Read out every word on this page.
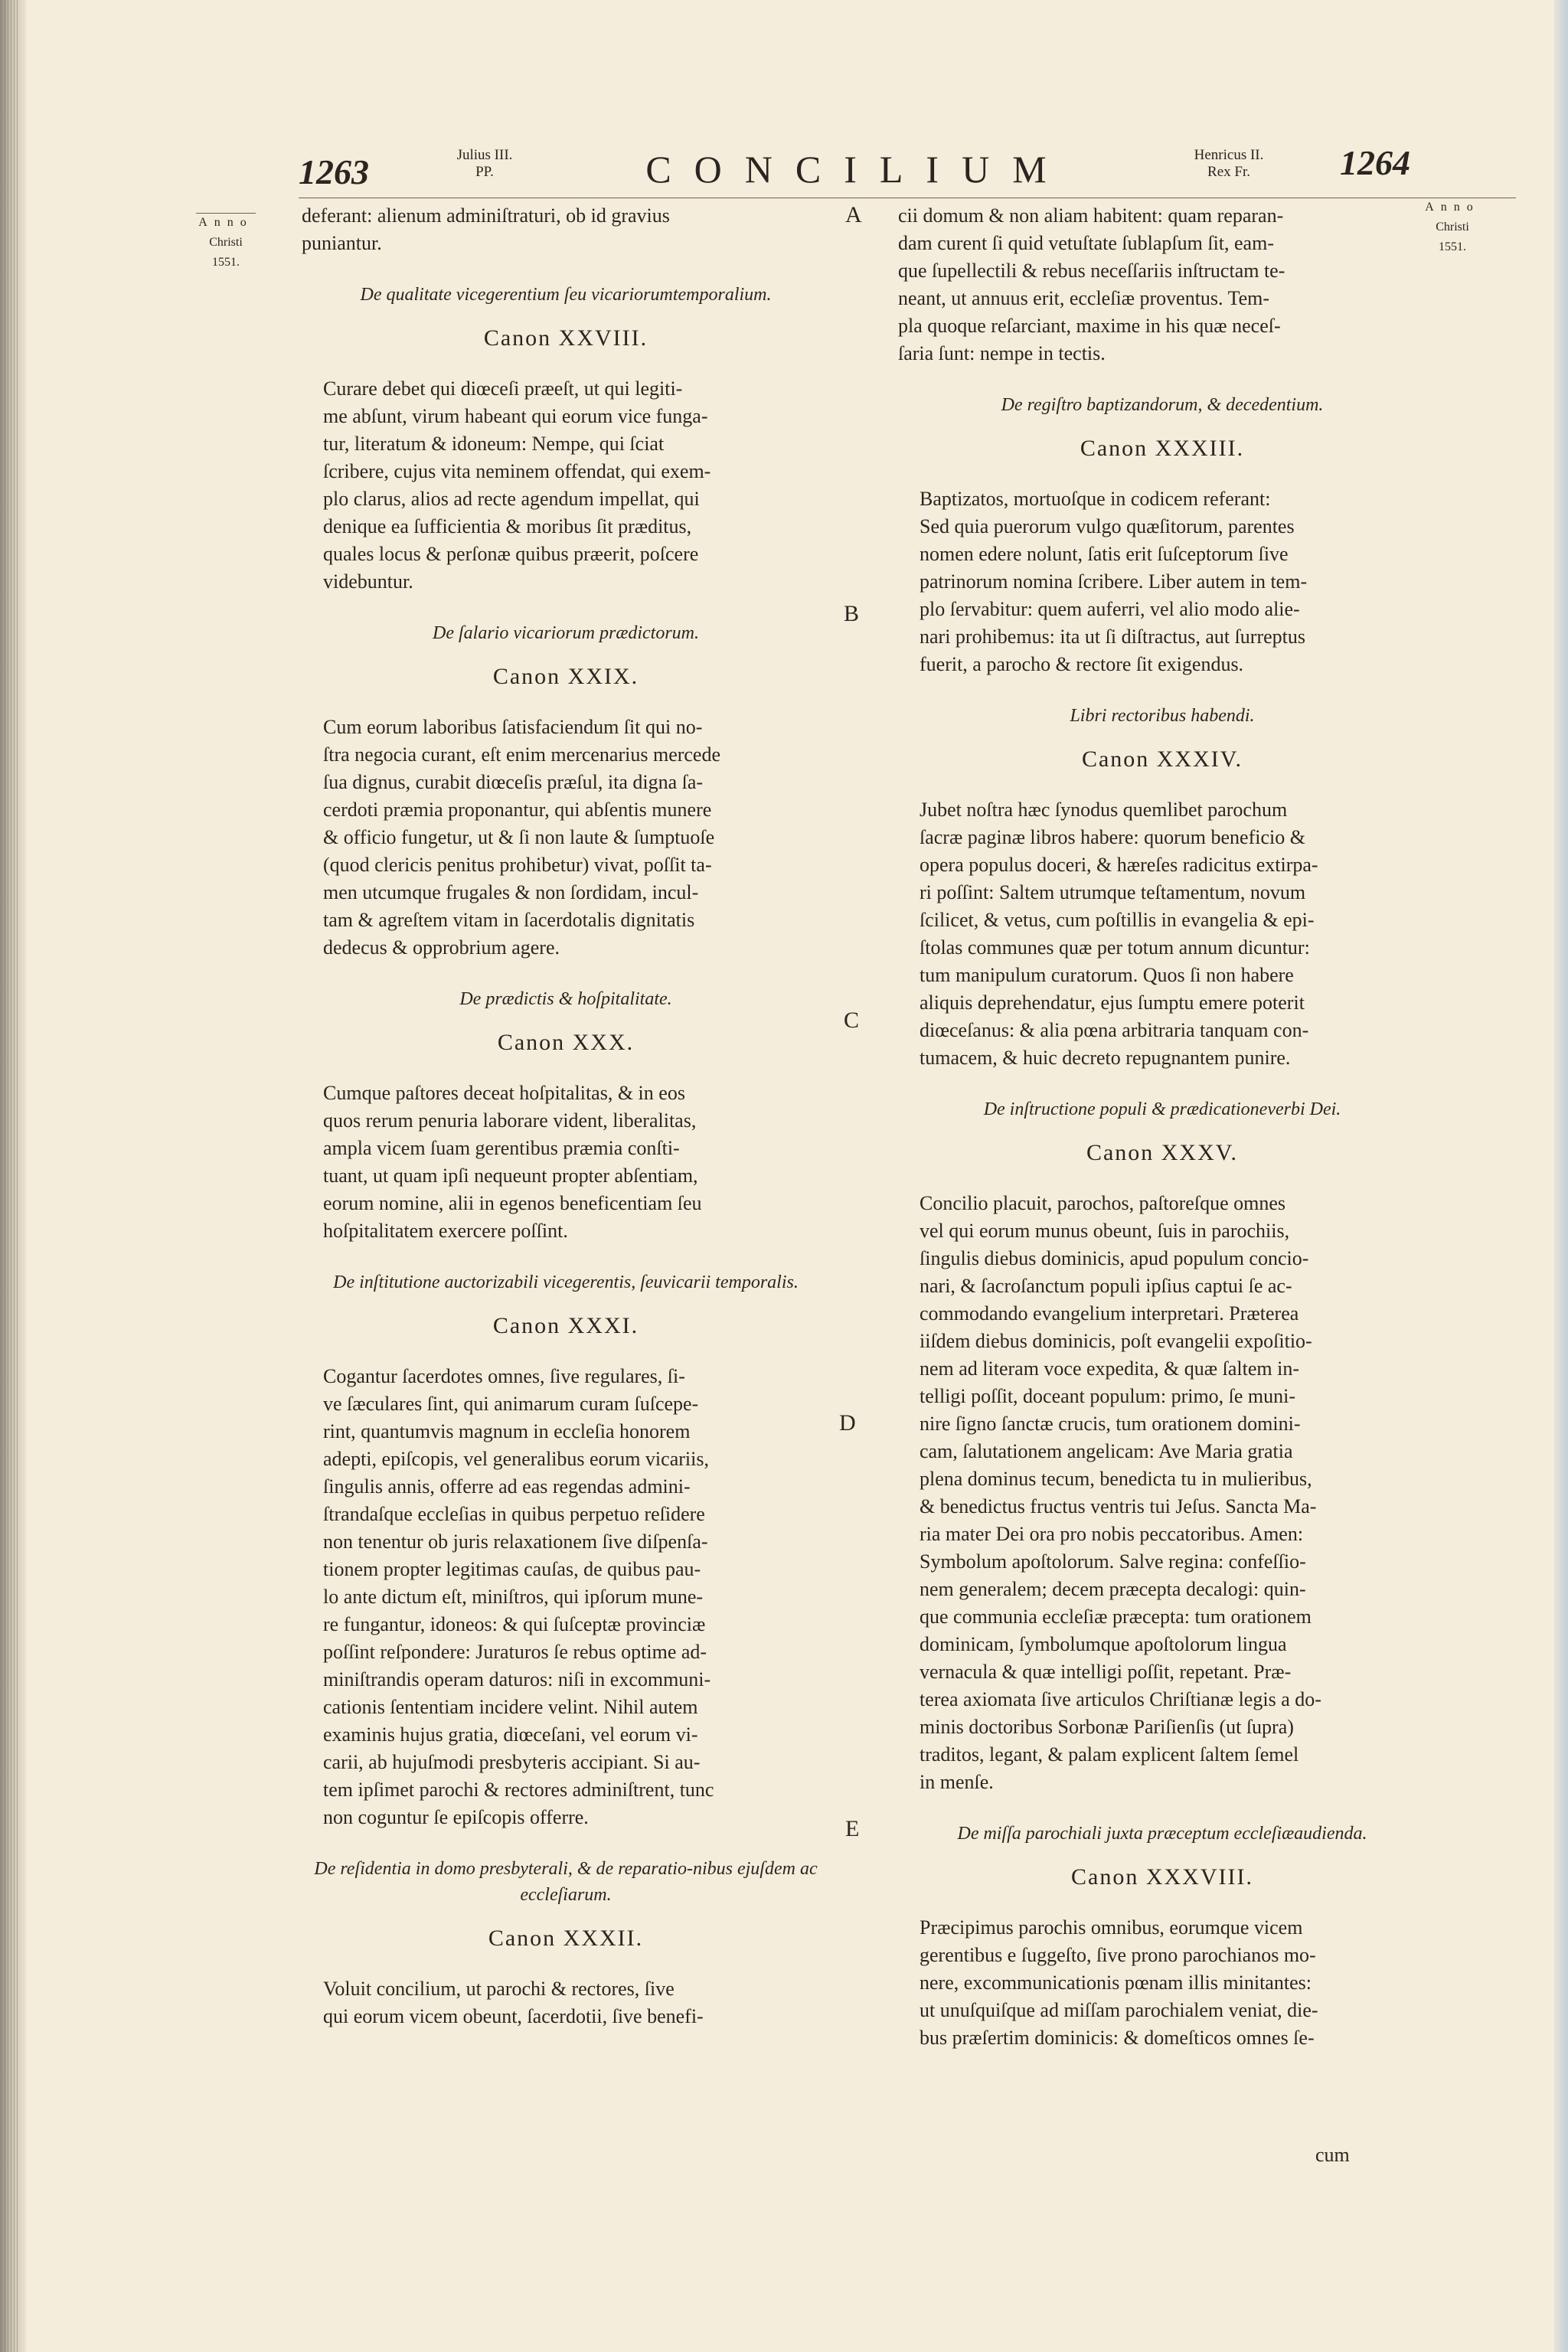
1263	Julius III.
PP.	CONCILIUM	Henricus II.
Rex Fr.	1264
Anno
Christi
1551.
Anno
Christi
1551.
A
B
C
D
E
deferant: alienum adminiſtraturi, ob id gravius
puniantur.
De qualitate vicegerentium ſeu vicariorumtemporalium.
Canon XXVIII.
Curare debet qui diœceſi præeſt, ut qui legiti-
me abſunt, virum habeant qui eorum vice funga-
tur, literatum & idoneum: Nempe, qui ſciat
ſcribere, cujus vita neminem offendat, qui exem-
plo clarus, alios ad recte agendum impellat, qui
denique ea ſufficientia & moribus ſit præditus,
quales locus & perſonæ quibus præerit, poſcere
videbuntur.
De ſalario vicariorum prædictorum.
Canon XXIX.
Cum eorum laboribus ſatisfaciendum ſit qui no-
ſtra negocia curant, eſt enim mercenarius mercede
ſua dignus, curabit diœceſis præſul, ita digna ſa-
cerdoti præmia proponantur, qui abſentis munere
& officio fungetur, ut & ſi non laute & ſumptuoſe
(quod clericis penitus prohibetur) vivat, poſſit ta-
men utcumque frugales & non ſordidam, incul-
tam & agreſtem vitam in ſacerdotalis dignitatis
dedecus & opprobrium agere.
De prædictis & hoſpitalitate.
Canon XXX.
Cumque paſtores deceat hoſpitalitas, & in eos
quos rerum penuria laborare vident, liberalitas,
ampla vicem ſuam gerentibus præmia conſti-
tuant, ut quam ipſi nequeunt propter abſentiam,
eorum nomine, alii in egenos beneficentiam ſeu
hoſpitalitatem exercere poſſint.
De inſtitutione auctorizabili vicegerentis, ſeuvicarii temporalis.
Canon XXXI.
Cogantur ſacerdotes omnes, ſive regulares, ſi-
ve ſæculares ſint, qui animarum curam ſuſcepe-
rint, quantumvis magnum in eccleſia honorem
adepti, epiſcopis, vel generalibus eorum vicariis,
ſingulis annis, offerre ad eas regendas admini-
ſtrandaſque eccleſias in quibus perpetuo reſidere
non tenentur ob juris relaxationem ſive diſpenſa-
tionem propter legitimas cauſas, de quibus pau-
lo ante dictum eſt, miniſtros, qui ipſorum mune-
re fungantur, idoneos: & qui ſuſceptæ provinciæ
poſſint reſpondere: Juraturos ſe rebus optime ad-
miniſtrandis operam daturos: niſi in excommuni-
cationis ſententiam incidere velint. Nihil autem
examinis hujus gratia, diœceſani, vel eorum vi-
carii, ab hujuſmodi presbyteris accipiant. Si au-
tem ipſimet parochi & rectores adminiſtrent, tunc
non coguntur ſe epiſcopis offerre.
De reſidentia in domo presbyterali, & de reparatio-nibus ejuſdem ac eccleſiarum.
Canon XXXII.
Voluit concilium, ut parochi & rectores, ſive
qui eorum vicem obeunt, ſacerdotii, ſive benefi-
cii domum & non aliam habitent: quam reparan-
dam curent ſi quid vetuſtate ſublapſum ſit, eam-
que ſupellectili & rebus neceſſariis inſtructam te-
neant, ut annuus erit, eccleſiæ proventus. Tem-
pla quoque reſarciant, maxime in his quæ neceſ-
ſaria ſunt: nempe in tectis.
De regiſtro baptizandorum, & decedentium.
Canon XXXIII.
Baptizatos, mortuoſque in codicem referant:
Sed quia puerorum vulgo quæſitorum, parentes
nomen edere nolunt, ſatis erit ſuſceptorum ſive
patrinorum nomina ſcribere. Liber autem in tem-
plo ſervabitur: quem auferri, vel alio modo alie-
nari prohibemus: ita ut ſi diſtractus, aut ſurreptus
fuerit, a parocho & rectore ſit exigendus.
Libri rectoribus habendi.
Canon XXXIV.
Jubet noſtra hæc ſynodus quemlibet parochum
ſacræ paginæ libros habere: quorum beneficio &
opera populus doceri, & hæreſes radicitus extirpa-
ri poſſint: Saltem utrumque teſtamentum, novum
ſcilicet, & vetus, cum poſtillis in evangelia & epi-
ſtolas communes quæ per totum annum dicuntur:
tum manipulum curatorum. Quos ſi non habere
aliquis deprehendatur, ejus ſumptu emere poterit
diœceſanus: & alia pœna arbitraria tanquam con-
tumacem, & huic decreto repugnantem punire.
De inſtructione populi & prædicationeverbi Dei.
Canon XXXV.
Concilio placuit, parochos, paſtoreſque omnes
vel qui eorum munus obeunt, ſuis in parochiis,
ſingulis diebus dominicis, apud populum concio-
nari, & ſacroſanctum populi ipſius captui ſe ac-
commodando evangelium interpretari. Præterea
iiſdem diebus dominicis, poſt evangelii expoſitio-
nem ad literam voce expedita, & quæ ſaltem in-
telligi poſſit, doceant populum: primo, ſe muni-
nire ſigno ſanctæ crucis, tum orationem domini-
cam, ſalutationem angelicam: Ave Maria gratia
plena dominus tecum, benedicta tu in mulieribus,
& benedictus fructus ventris tui Jeſus. Sancta Ma-
ria mater Dei ora pro nobis peccatoribus. Amen:
Symbolum apoſtolorum. Salve regina: confeſſio-
nem generalem; decem præcepta decalogi: quin-
que communia eccleſiæ præcepta: tum orationem
dominicam, ſymbolumque apoſtolorum lingua
vernacula & quæ intelligi poſſit, repetant. Præ-
terea axiomata ſive articulos Chriſtianæ legis a do-
minis doctoribus Sorbonæ Pariſienſis (ut ſupra)
traditos, legant, & palam explicent ſaltem ſemel
in menſe.
De miſſa parochiali juxta præceptum eccleſiæaudienda.
Canon XXXVIII.
Præcipimus parochis omnibus, eorumque vicem
gerentibus e ſuggeſto, ſive prono parochianos mo-
nere, excommunicationis pœnam illis minitantes:
ut unuſquiſque ad miſſam parochialem veniat, die-
bus præſertim dominicis: & domeſticos omnes ſe-
cum
